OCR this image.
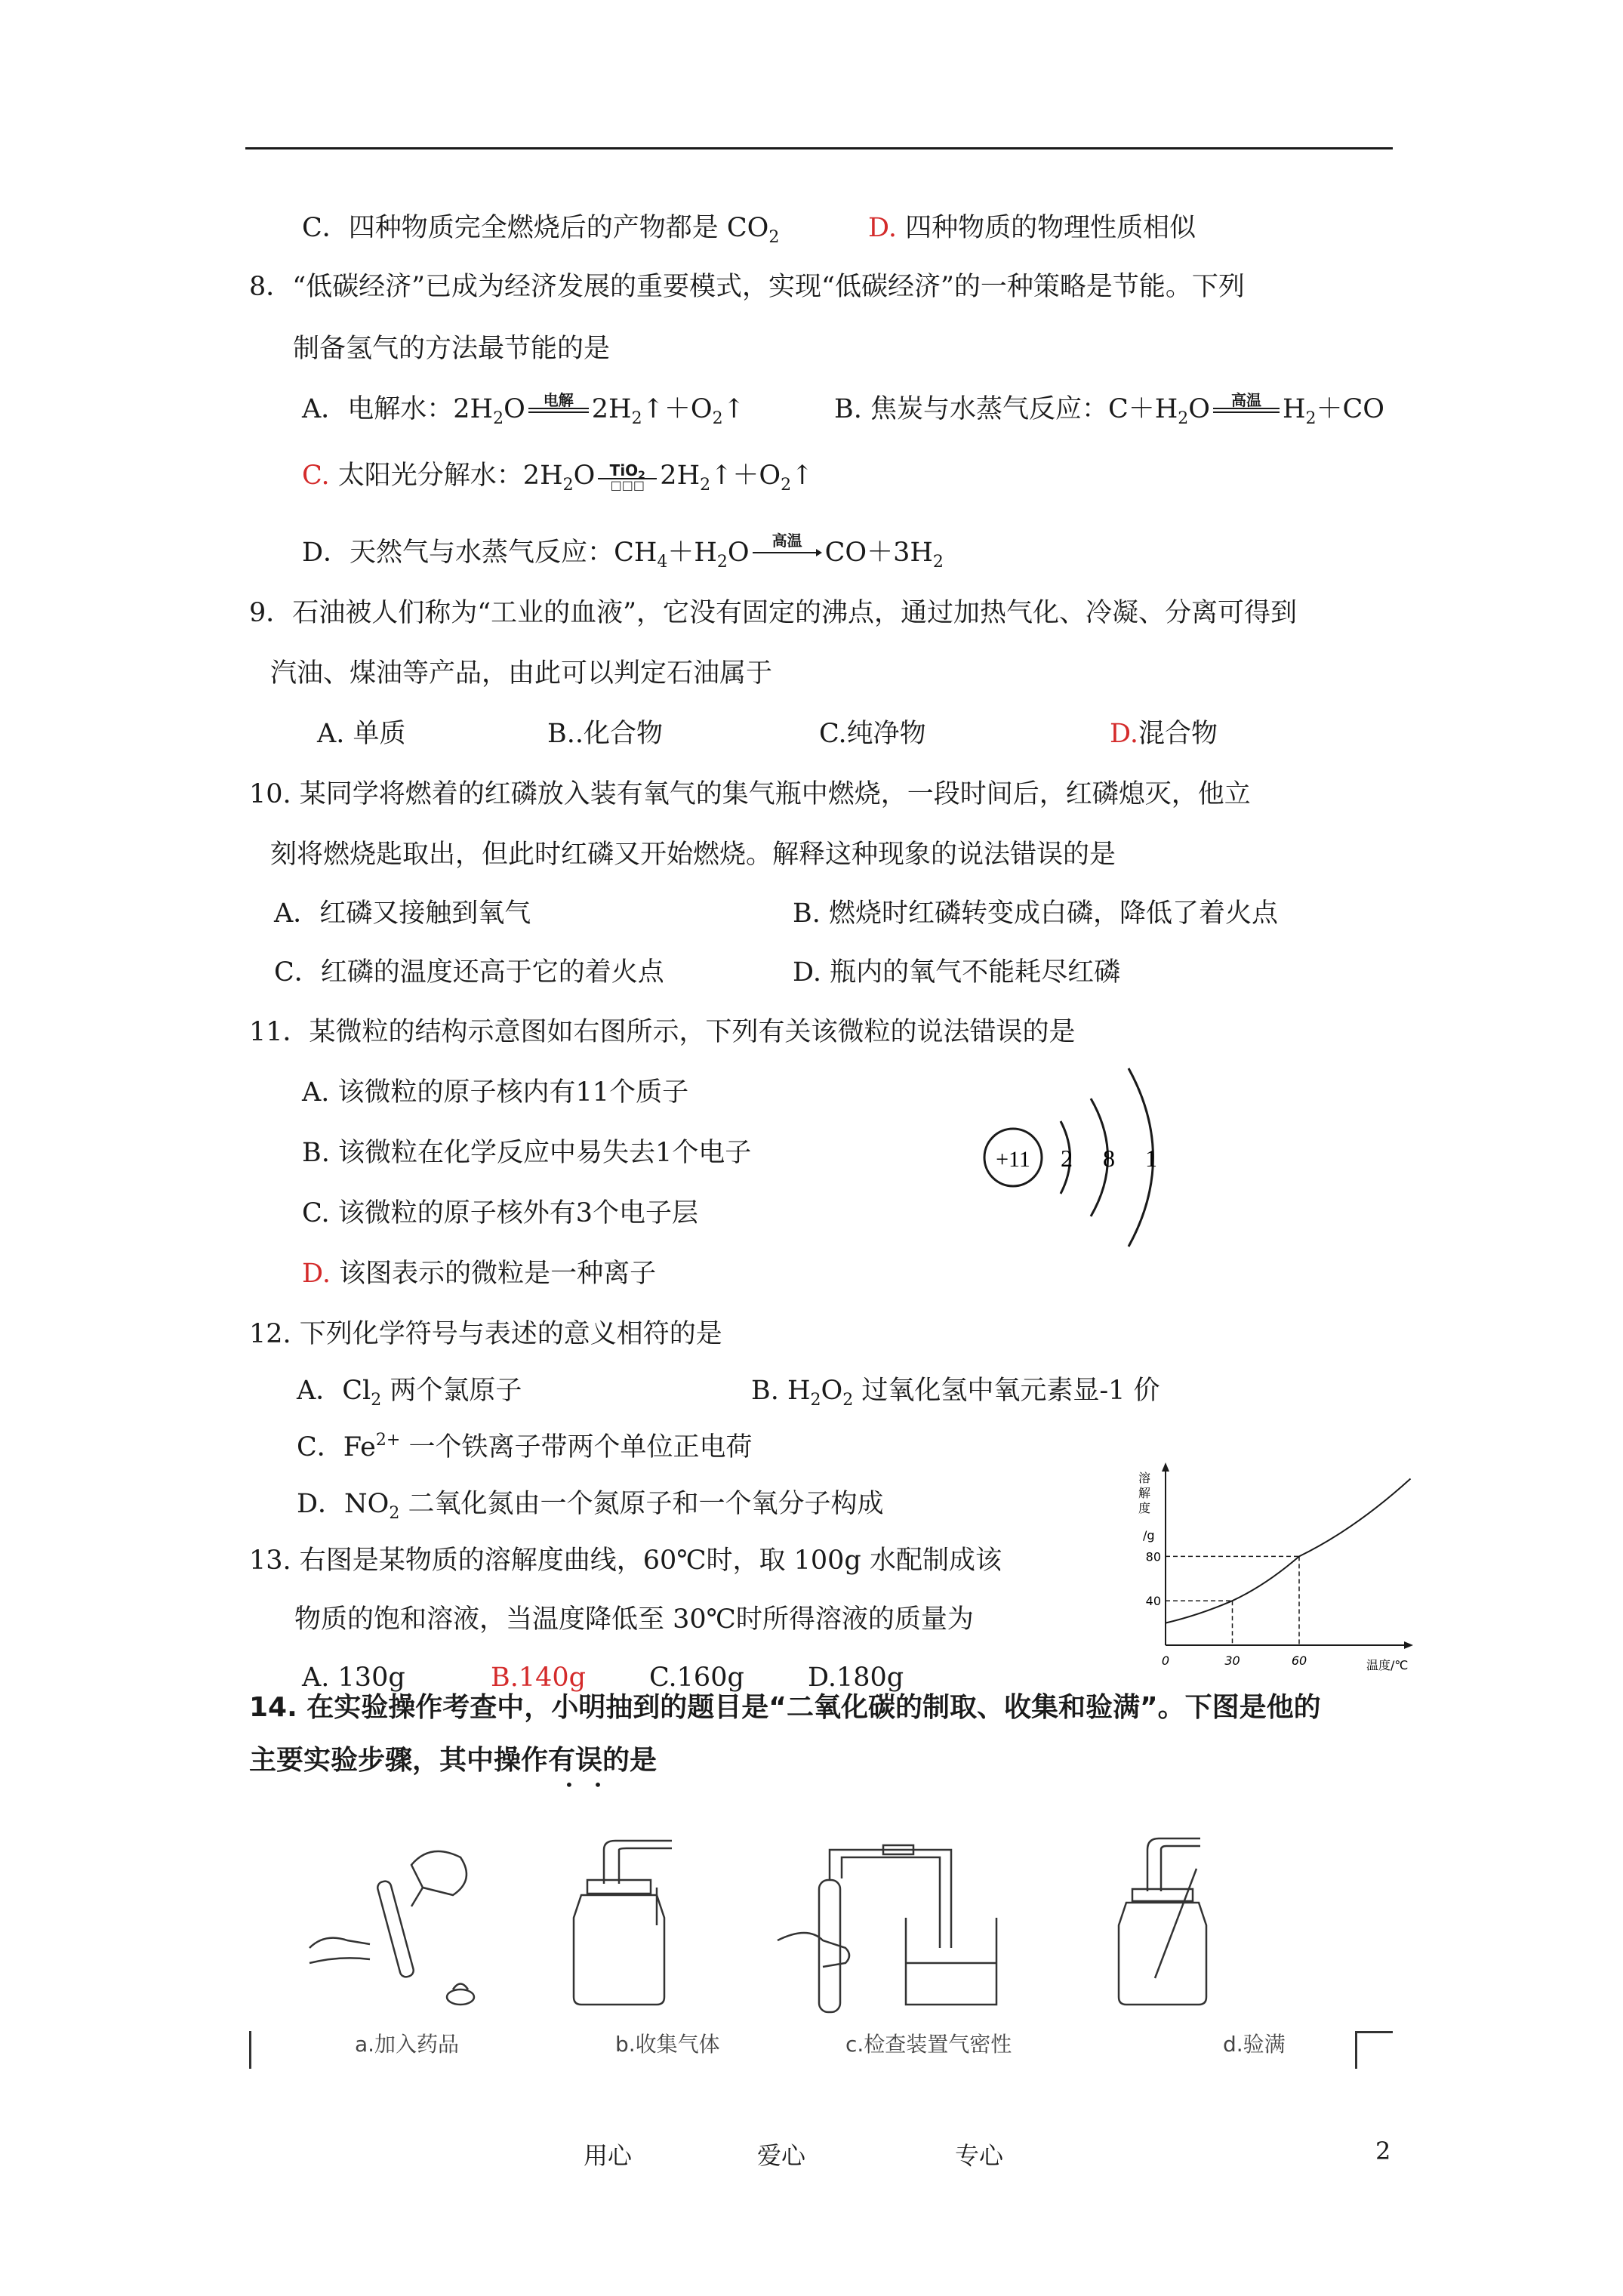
C．四种物质完全燃烧后的产物都是 $CO_2$	D. 四种物质的物理性质相似
8．“低碳经济”已成为经济发展的重要模式，实现“低碳经济”的一种策略是节能。下列
制备氢气的方法最节能的是
A．电解水：$2H_2O$	电解 $2H_2↑+O_2↑$	B. 焦炭与水蒸气反应：$C+H_2O$	高温 $H_2+CO$
C. 太阳光分解水：$2H_2O$ TiO$_2$
□□□ $2H_2↑+O_2↑$
D．天然气与水蒸气反应：$CH_4+H_2O$	高温 $CO+3H_2$
9．石油被人们称为“工业的血液”，它没有固定的沸点，通过加热气化、冷凝、分离可得到
汽油、煤油等产品，由此可以判定石油属于
A. 单质	B..化合物	C.纯净物	D.混合物
10. 某同学将燃着的红磷放入装有氧气的集气瓶中燃烧，一段时间后，红磷熄灭，他立
刻将燃烧匙取出，但此时红磷又开始燃烧。解释这种现象的说法错误的是
A．红磷又接触到氧气	B. 燃烧时红磷转变成白磷，降低了着火点
C．红磷的温度还高于它的着火点	D. 瓶内的氧气不能耗尽红磷
11．某微粒的结构示意图如右图所示，下列有关该微粒的说法错误的是
A. 该微粒的原子核内有11个质子
B. 该微粒在化学反应中易失去1个电子
C. 该微粒的原子核外有3个电子层
D. 该图表示的微粒是一种离子
+11 2 8 1
12. 下列化学符号与表述的意义相符的是
A．$Cl_2$ 两个氯原子	B. $H_2O_2$ 过氧化氢中氧元素显-1 价
C．$Fe^{2+}$ 一个铁离子带两个单位正电荷
D．$NO_2$ 二氧化氮由一个氮原子和一个氧分子构成
13. 右图是某物质的溶解度曲线，60℃时，取 100g 水配制成该
物质的饱和溶液，当温度降低至 30℃时所得溶液的质量为
A. 130g	B.140g C.160g D.180g
溶
解
度
/g
0	30	60
40
80
温度/℃
14. 在实验操作考查中，小明抽到的题目是“二氧化碳的制取、收集和验满”。下图是他的
主要实验步骤，其中操作有误的是
• •
a.加入药品	b.收集气体	c.检查装置气密性	d.验满
用心	爱心	专心	2
